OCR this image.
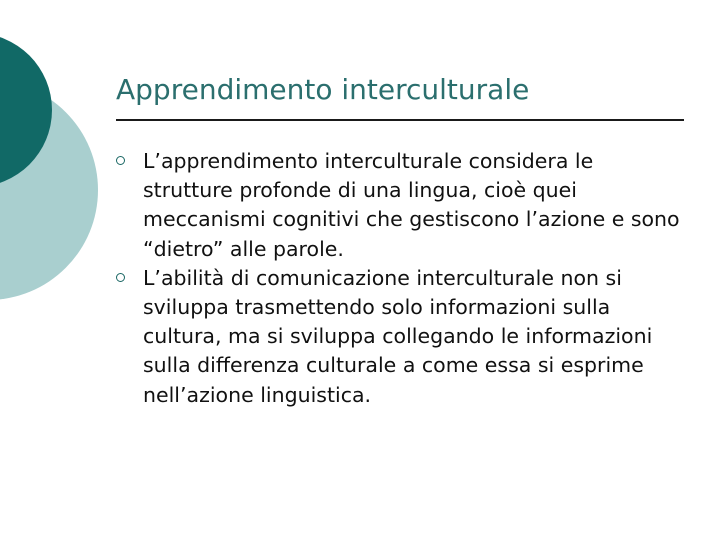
Apprendimento interculturale
L’apprendimento interculturale considera le strutture profonde di una lingua, cioè quei meccanismi cognitivi che gestiscono l’azione e sono “dietro” alle parole.
L’abilità di comunicazione interculturale non si sviluppa trasmettendo solo informazioni sulla cultura, ma si sviluppa collegando le informazioni sulla differenza culturale a come essa si esprime nell’azione linguistica.
